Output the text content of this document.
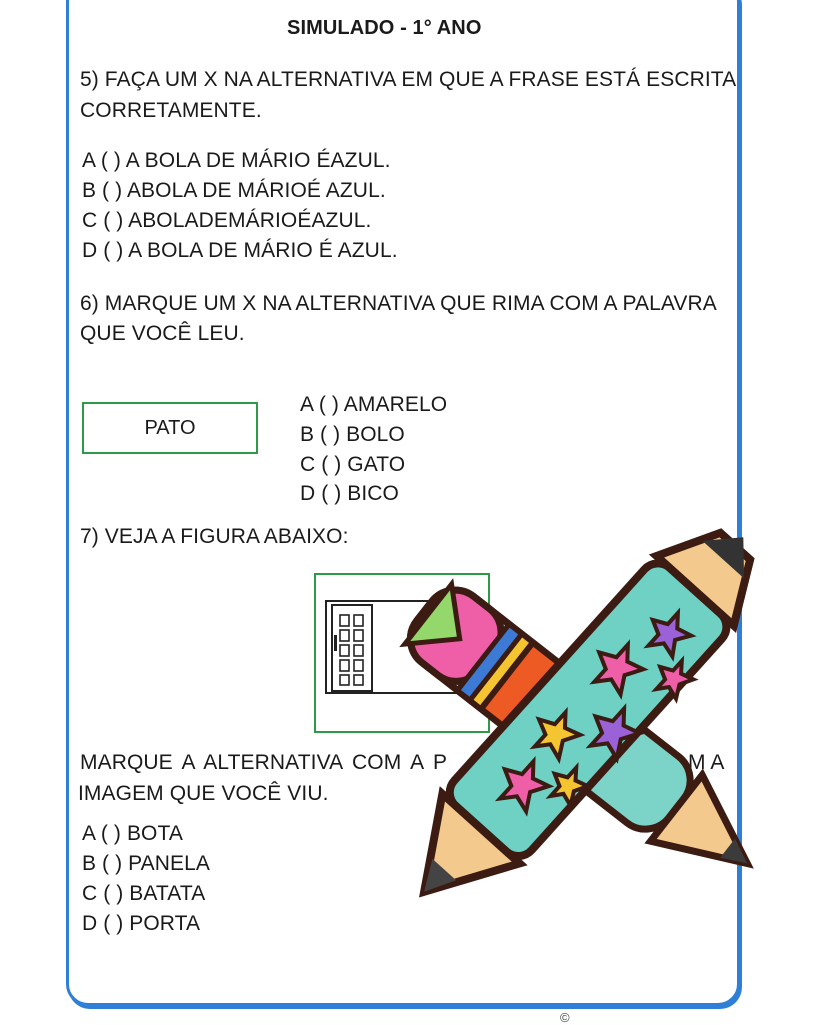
SIMULADO - 1° ANO
5) FAÇA UM X NA ALTERNATIVA EM QUE A FRASE ESTÁ ESCRITA
CORRETAMENTE.
A ( ) A BOLA DE MÁRIO ÉAZUL.
B ( ) ABOLA DE MÁRIOÉ AZUL.
C ( ) ABOLADEMÁRIOÉAZUL.
D ( ) A BOLA DE MÁRIO É AZUL.
6) MARQUE UM X NA ALTERNATIVA QUE RIMA COM A PALAVRA
QUE VOCÊ LEU.
PATO
A ( ) AMARELO
B ( ) BOLO
C ( ) GATO
D ( ) BICO
7) VEJA A FIGURA ABAIXO:
MARQUE A ALTERNATIVA COM A P	M A
IMAGEM QUE VOCÊ VIU.
A ( ) BOTA
B ( ) PANELA
C ( ) BATATA
D ( ) PORTA
©
